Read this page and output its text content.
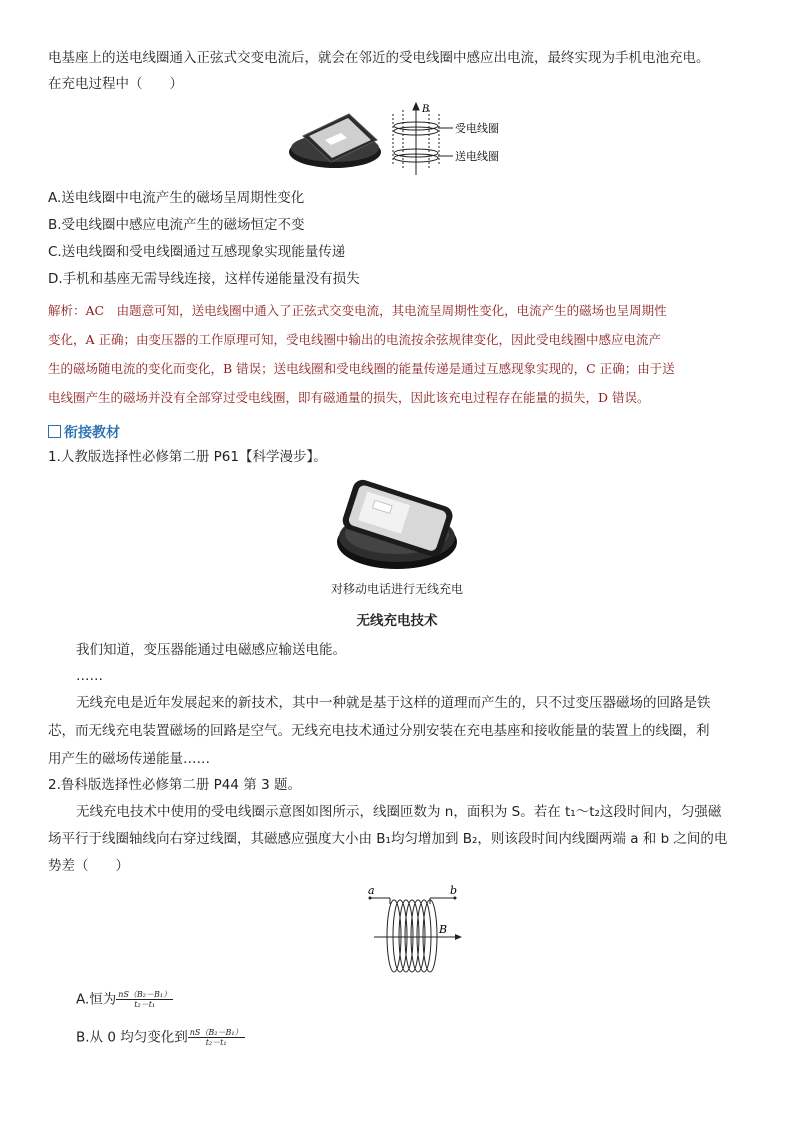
电基座上的送电线圈通入正弦式交变电流后，就会在邻近的受电线圈中感应出电流，最终实现为手机电池充电。
在充电过程中（　　）
B
受电线圈
送电线圈
A.送电线圈中电流产生的磁场呈周期性变化
B.受电线圈中感应电流产生的磁场恒定不变
C.送电线圈和受电线圈通过互感现象实现能量传递
D.手机和基座无需导线连接，这样传递能量没有损失
解析：AC　由题意可知，送电线圈中通入了正弦式交变电流，其电流呈周期性变化，电流产生的磁场也呈周期性
变化，A 正确；由变压器的工作原理可知，受电线圈中输出的电流按余弦规律变化，因此受电线圈中感应电流产
生的磁场随电流的变化而变化，B 错误；送电线圈和受电线圈的能量传递是通过互感现象实现的，C 正确；由于送
电线圈产生的磁场并没有全部穿过受电线圈，即有磁通量的损失，因此该充电过程存在能量的损失，D 错误。
衔接教材
1.人教版选择性必修第二册 P61【科学漫步】。
对移动电话进行无线充电
无线充电技术
我们知道，变压器能通过电磁感应输送电能。
……
无线充电是近年发展起来的新技术，其中一种就是基于这样的道理而产生的，只不过变压器磁场的回路是铁
芯，而无线充电装置磁场的回路是空气。无线充电技术通过分别安装在充电基座和接收能量的装置上的线圈，利
用产生的磁场传递能量……
2.鲁科版选择性必修第二册 P44 第 3 题。
无线充电技术中使用的受电线圈示意图如图所示，线圈匝数为 n，面积为 S。若在 t₁～t₂这段时间内，匀强磁
场平行于线圈轴线向右穿过线圈，其磁感应强度大小由 B₁均匀增加到 B₂，则该段时间内线圈两端 a 和 b 之间的电
势差（　　）
a	b
B
A.恒为 $\frac{\text{nS（B₂－B₁）}}{\text{t₂－t₁}}$
B.从 0 均匀变化到 $\frac{\text{nS（B₂－B₁）}}{\text{t₂－t₁}}$
